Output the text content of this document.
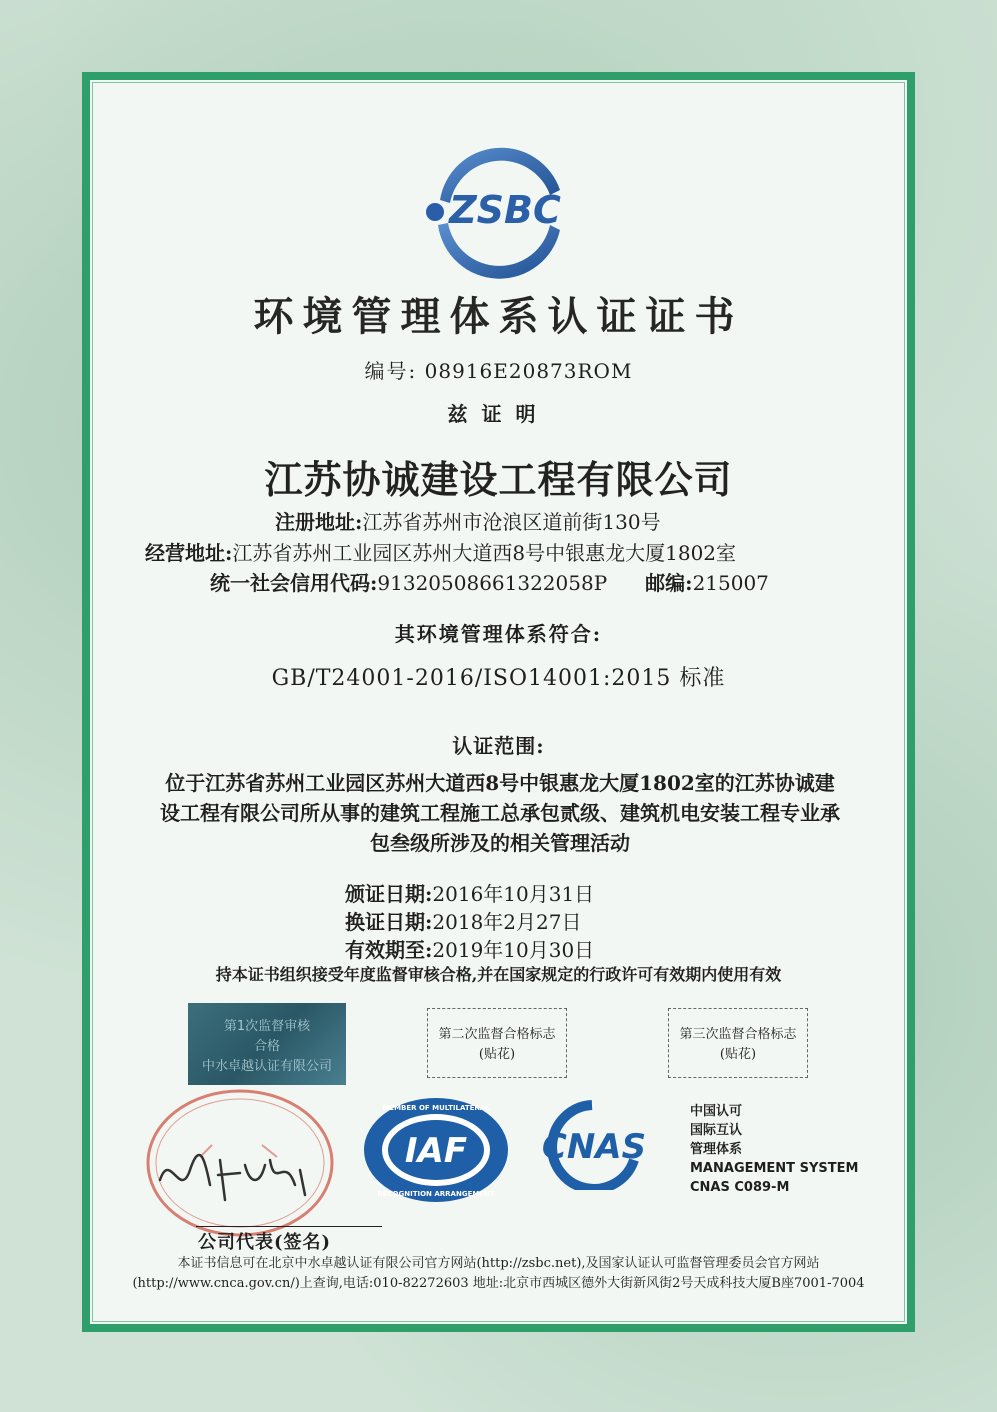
ZSBC
环境管理体系认证证书
编号: 08916E20873ROM
兹证明
江苏协诚建设工程有限公司
注册地址:江苏省苏州市沧浪区道前街130号
经营地址:江苏省苏州工业园区苏州大道西8号中银惠龙大厦1802室
统一社会信用代码:91320508661322058P 邮编:215007
其环境管理体系符合:
GB/T24001-2016/ISO14001:2015 标准
认证范围:
位于江苏省苏州工业园区苏州大道西8号中银惠龙大厦1802室的江苏协诚建
设工程有限公司所从事的建筑工程施工总承包贰级、建筑机电安装工程专业承
包叁级所涉及的相关管理活动
颁证日期:2016年10月31日
换证日期:2018年2月27日
有效期至:2019年10月30日
持本证书组织接受年度监督审核合格,并在国家规定的行政许可有效期内使用有效
第1次监督审核
合格
中水卓越认证有限公司
第二次监督合格标志
(贴花)
第三次监督合格标志
(贴花)
IAF
MEMBER OF MULTILATERAL
RECOGNITION ARRANGEMENT
CNAS
中国认可
国际互认
管理体系
MANAGEMENT SYSTEM
CNAS C089-M
公司代表(签名)
本证书信息可在北京中水卓越认证有限公司官方网站(http://zsbc.net),及国家认证认可监督管理委员会官方网站
(http://www.cnca.gov.cn/)上查询,电话:010-82272603 地址:北京市西城区德外大街新风街2号天成科技大厦B座7001-7004
